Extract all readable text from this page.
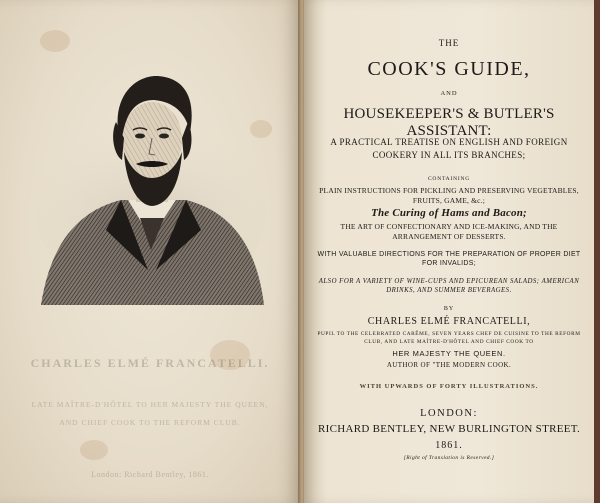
CHARLES ELMÉ FRANCATELLI.
LATE MAÎTRE-D'HÔTEL TO HER MAJESTY THE QUEEN,
AND CHIEF COOK TO THE REFORM CLUB.
London: Richard Bentley, 1861.
THE
COOK'S GUIDE,
AND
HOUSEKEEPER'S & BUTLER'S ASSISTANT:
A PRACTICAL TREATISE ON ENGLISH AND FOREIGN COOKERY IN ALL ITS BRANCHES;
CONTAINING
PLAIN INSTRUCTIONS FOR PICKLING AND PRESERVING VEGETABLES, FRUITS, GAME, &c.;
The Curing of Hams and Bacon;
THE ART OF CONFECTIONARY AND ICE-MAKING, AND THE ARRANGEMENT OF DESSERTS.
WITH VALUABLE DIRECTIONS FOR THE PREPARATION OF PROPER DIET FOR INVALIDS;
ALSO FOR A VARIETY OF WINE-CUPS AND EPICUREAN SALADS; AMERICAN DRINKS, AND SUMMER BEVERAGES.
BY
CHARLES ELMÉ FRANCATELLI,
PUPIL TO THE CELEBRATED CARÊME, SEVEN YEARS CHEF DE CUISINE TO THE REFORM CLUB, AND LATE MAÎTRE-D'HÔTEL AND CHIEF COOK TO
HER MAJESTY THE QUEEN.
AUTHOR OF "THE MODERN COOK.
WITH UPWARDS OF FORTY ILLUSTRATIONS.
LONDON:
RICHARD BENTLEY, NEW BURLINGTON STREET.
1861.
[Right of Translation is Reserved.]
